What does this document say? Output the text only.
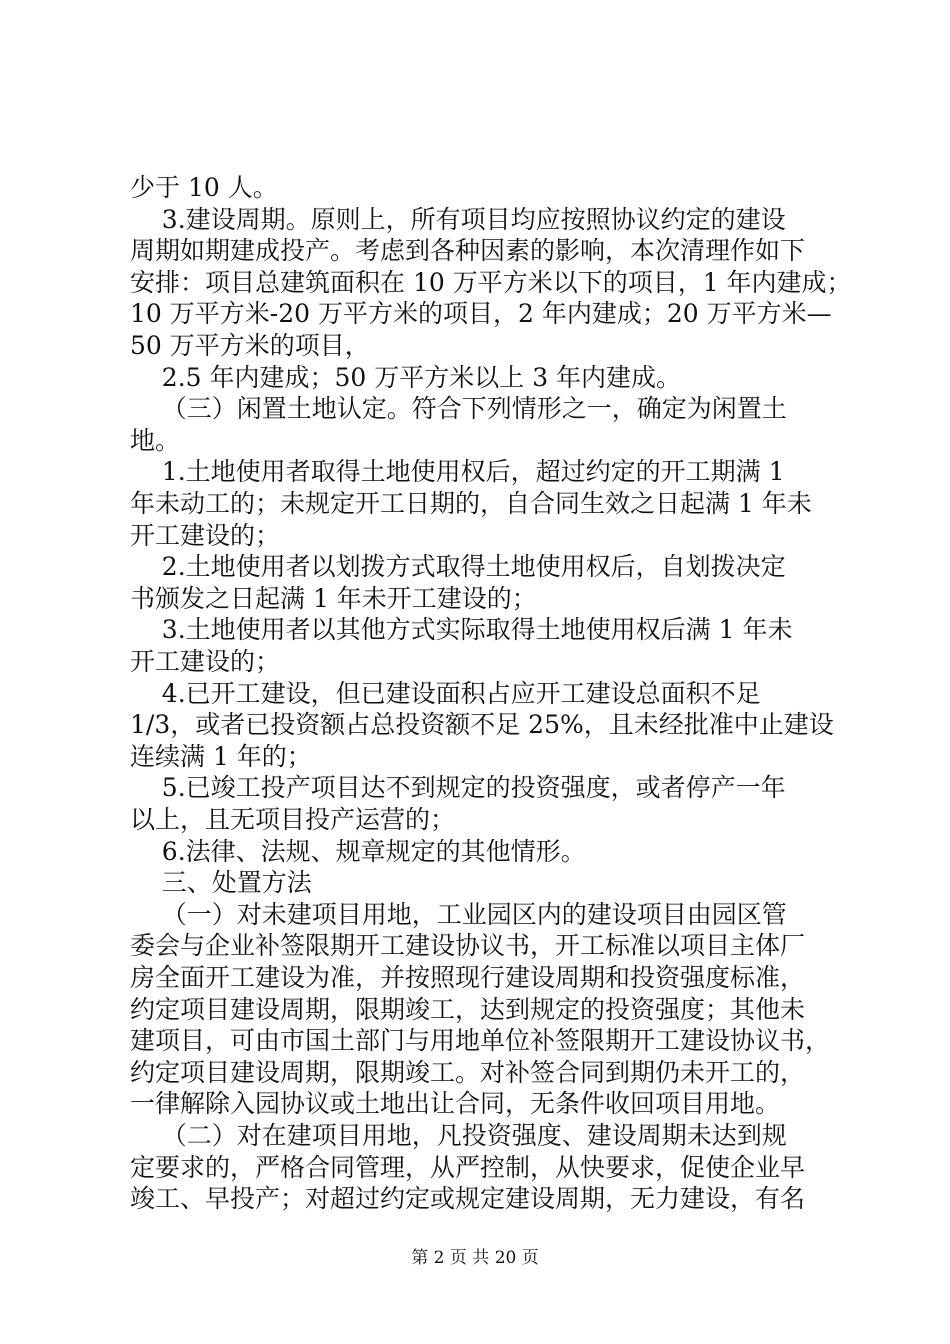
少于 10 人。
3.建设周期。原则上，所有项目均应按照协议约定的建设
周期如期建成投产。考虑到各种因素的影响，本次清理作如下
安排：项目总建筑面积在 10 万平方米以下的项目，1 年内建成；
10 万平方米-20 万平方米的项目，2 年内建成；20 万平方米—
50 万平方米的项目，
2.5 年内建成；50 万平方米以上 3 年内建成。
（三）闲置土地认定。符合下列情形之一，确定为闲置土
地。
1.土地使用者取得土地使用权后，超过约定的开工期满 1
年未动工的；未规定开工日期的，自合同生效之日起满 1 年未
开工建设的；
2.土地使用者以划拨方式取得土地使用权后，自划拨决定
书颁发之日起满 1 年未开工建设的；
3.土地使用者以其他方式实际取得土地使用权后满 1 年未
开工建设的；
4.已开工建设，但已建设面积占应开工建设总面积不足
1/3，或者已投资额占总投资额不足 25%，且未经批准中止建设
连续满 1 年的；
5.已竣工投产项目达不到规定的投资强度，或者停产一年
以上，且无项目投产运营的；
6.法律、法规、规章规定的其他情形。
三、处置方法
（一）对未建项目用地，工业园区内的建设项目由园区管
委会与企业补签限期开工建设协议书，开工标准以项目主体厂
房全面开工建设为准，并按照现行建设周期和投资强度标准，
约定项目建设周期，限期竣工，达到规定的投资强度；其他未
建项目，可由市国土部门与用地单位补签限期开工建设协议书，
约定项目建设周期，限期竣工。对补签合同到期仍未开工的，
一律解除入园协议或土地出让合同，无条件收回项目用地。
（二）对在建项目用地，凡投资强度、建设周期未达到规
定要求的，严格合同管理，从严控制，从快要求，促使企业早
竣工、早投产；对超过约定或规定建设周期，无力建设，有名
第 2 页 共 20 页
